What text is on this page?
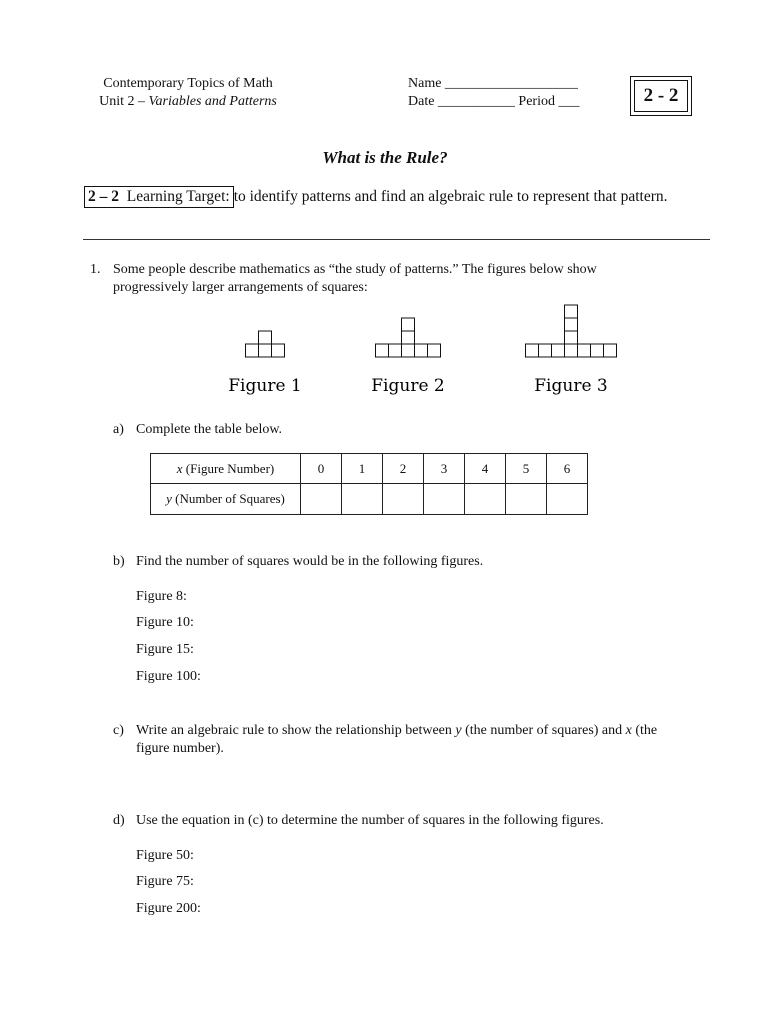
Contemporary Topics of Math
Unit 2 – Variables and Patterns
Name ___________________
Date ___________ Period ___	2 - 2
What is the Rule?
2 – 2 Learning Target: to identify patterns and find an algebraic rule to represent that pattern.
1. Some people describe mathematics as “the study of patterns.” The figures below show progressively larger arrangements of squares:
Figure 1	Figure 2	Figure 3
a) Complete the table below.
x (Figure Number)	0	1	2	3	4	5	6
y (Number of Squares)							
b) Find the number of squares would be in the following figures.
Figure 8:
Figure 10:
Figure 15:
Figure 100:
c) Write an algebraic rule to show the relationship between y (the number of squares) and x (the
figure number).
d) Use the equation in (c) to determine the number of squares in the following figures.
Figure 50:
Figure 75:
Figure 200:
